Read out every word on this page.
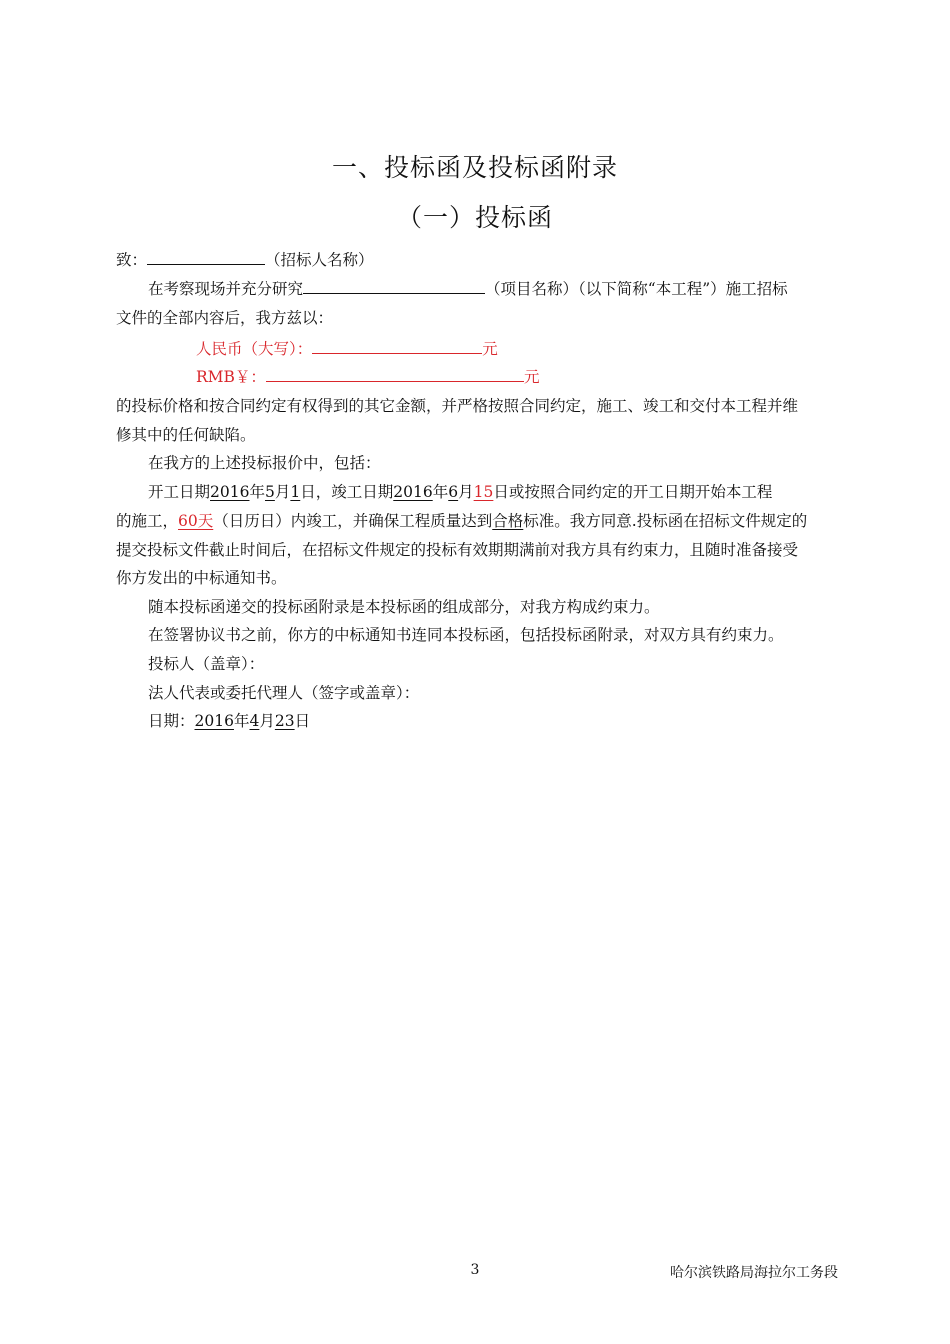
一、投标函及投标函附录
（一）投标函
致：	（招标人名称）
在考察现场并充分研究	（项目名称）（以下简称“本工程”）施工招标
文件的全部内容后，我方兹以：
人民币（大写）：	元
RMB￥：	元
的投标价格和按合同约定有权得到的其它金额，并严格按照合同约定，施工、竣工和交付本工程并维
修其中的任何缺陷。
在我方的上述投标报价中，包括：
开工日期2016年5月1日，竣工日期2016年6月15日或按照合同约定的开工日期开始本工程
的施工，60天（日历日）内竣工，并确保工程质量达到合格标准。我方同意.投标函在招标文件规定的
提交投标文件截止时间后，在招标文件规定的投标有效期期满前对我方具有约束力，且随时准备接受
你方发出的中标通知书。
随本投标函递交的投标函附录是本投标函的组成部分，对我方构成约束力。
在签署协议书之前，你方的中标通知书连同本投标函，包括投标函附录，对双方具有约束力。
投标人（盖章）：
法人代表或委托代理人（签字或盖章）：
日期：2016年4月23日
3	哈尔滨铁路局海拉尔工务段
